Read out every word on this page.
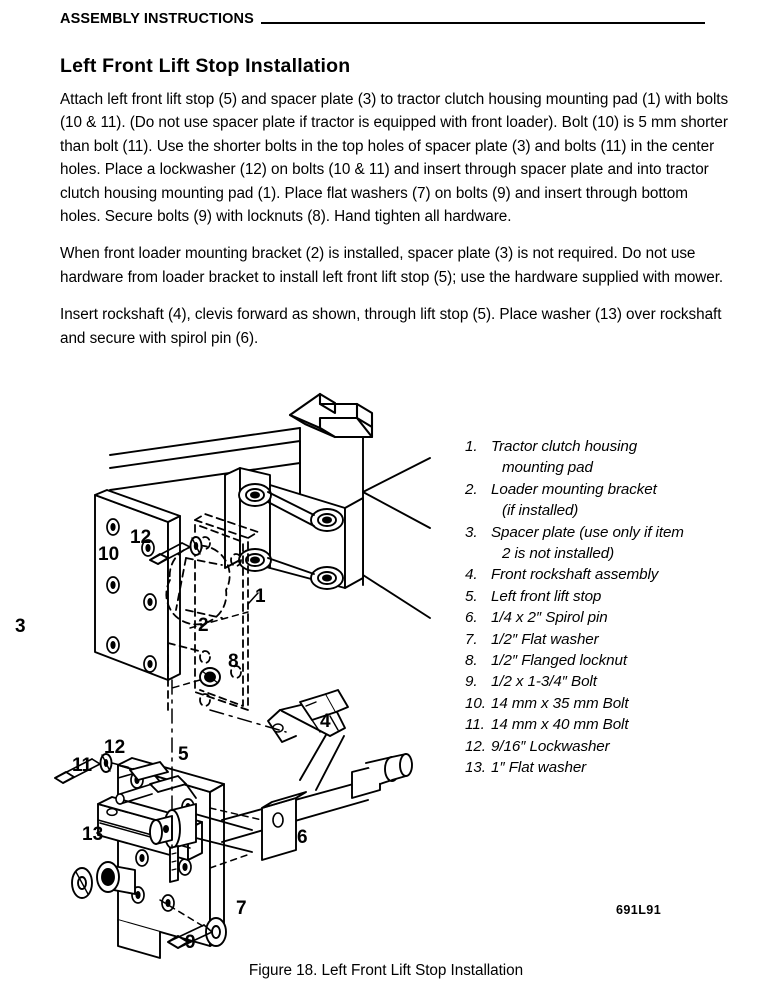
ASSEMBLY INSTRUCTIONS
Left Front Lift Stop Installation

Attach left front lift stop (5) and spacer plate (3) to tractor clutch housing mounting pad (1) with bolts (10 & 11). (Do not use spacer plate if tractor is equipped with front loader). Bolt (10) is 5 mm shorter than bolt (11). Use the shorter bolts in the top holes of spacer plate (3) and bolts (11) in the center holes. Place a lockwasher (12) on bolts (10 & 11) and insert through spacer plate and into tractor clutch housing mounting pad (1). Place flat washers (7) on bolts (9) and insert through bottom holes. Secure bolts (9) with locknuts (8). Hand tighten all hardware.

When front loader mounting bracket (2) is installed, spacer plate (3) is not required. Do not use hardware from loader bracket to install left front lift stop (5); use the hardware supplied with mower.

Insert rockshaft (4), clevis forward as shown, through lift stop (5). Place washer (13) over rockshaft and secure with spirol pin (6).

12
10
3
1
2
8
4
5
12
11
13	6
7
9
1. Tractor clutch housing
mounting pad
2. Loader mounting bracket
(if installed)
3. Spacer plate (use only if item
2 is not installed)
4. Front rockshaft assembly
5. Left front lift stop
6. 1/4 x 2″ Spirol pin
7. 1/2″ Flat washer
8. 1/2″ Flanged locknut
9. 1/2 x 1-3/4″ Bolt
10. 14 mm x 35 mm Bolt
11. 14 mm x 40 mm Bolt
12. 9/16″ Lockwasher
13. 1″ Flat washer
691L91
Figure 18. Left Front Lift Stop Installation
